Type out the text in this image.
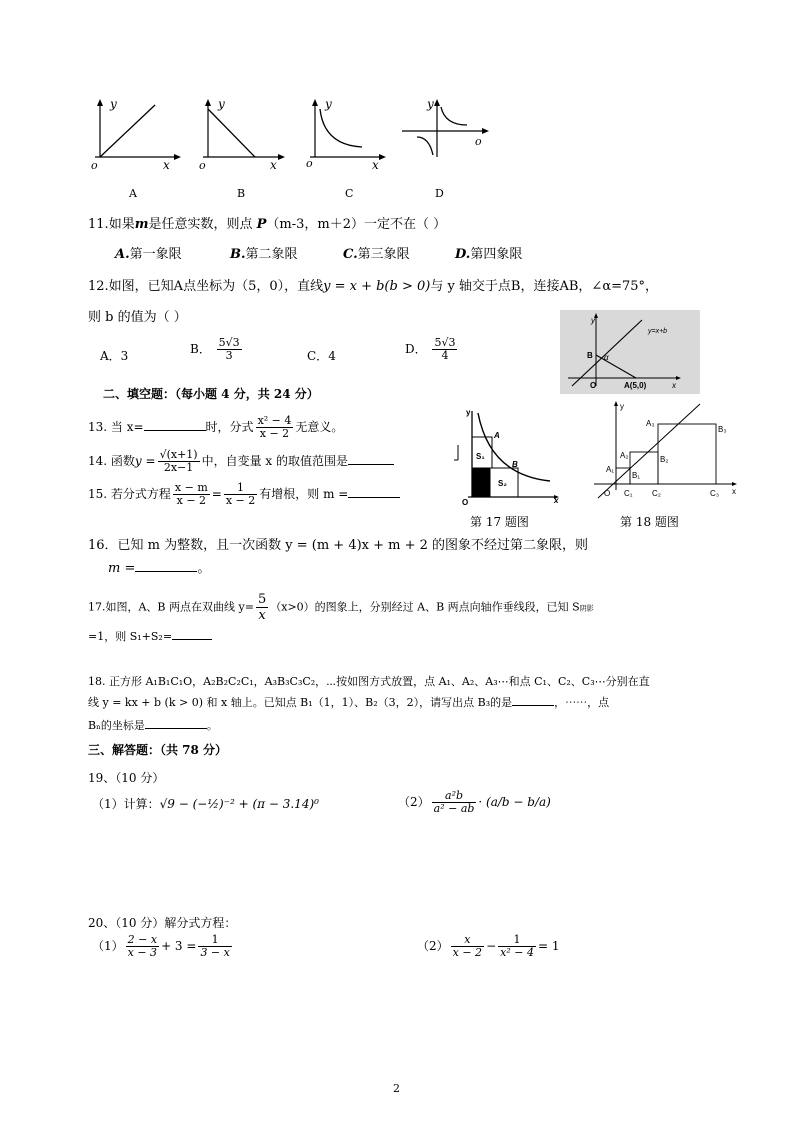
y
o	x
A
y
o	x
B
y
o	x
C
y
o
D
11.如果m是任意实数，则点 P（m-3，m＋2）一定不在（ ）
A.第一象限	B.第二象限	C.第三象限	D.第四象限
12.如图，已知A点坐标为（5，0），直线y = x + b(b > 0)与 y 轴交于点B，连接AB，∠α=75°，
则 b 的值为（ ）
A．3	B． $\frac{5√3}{3}$	C．4	D． $\frac{5√3}{4}$
y
y=x+b
B α
O	A(5,0)	x
二、填空题：（每小题 4 分，共 24 分）
13. 当 x=	时，分式 $\frac{\text{x² − 4}}{x - 2}$ 无意义。
14. 函数$y = \frac{√(x+1)}{2x-1}$ 中，自变量 x 的取值范围是
15. 若分式方程 $\frac{x - m}{x - 2} = \frac{1}{x - 2}$ 有增根，则 m =
y
A
B
S₁
S₂
O	x
第 17 题图
y
A₁
A₂
A₃
B₁
B₂
B₃
O C₁ C₂	C₃ x
第 18 题图
16．已知 m 为整数，且一次函数 y = (m + 4)x + m + 2 的图象不经过第二象限，则
m =	。
17.如图，A、B 两点在双曲线 $y= \frac{5}{x} (x>0)$的图象上，分别经过 A、B 两点向轴作垂线段，已知 S阴影
=1，则 S₁+S₂=
18. 正方形 A₁B₁C₁O，A₂B₂C₂C₁，A₃B₃C₃C₂，⋯按如图方式放置，点 A₁、A₂、A₃⋯和点 C₁、C₂、C₃⋯分别在直
线 y = kx + b (k > 0) 和 x 轴上。已知点 B₁（1，1）、B₂（3，2），请写出点 B₃的是	，⋯⋯，点
Bₙ的坐标是	。
三、解答题：（共 78 分）
19、（10 分）
（1）计算：√9 − (−½)⁻² + (π − 3.14)⁰	$(2) \frac{\text{a²b}}{\text{a² − ab}} \cdot (a/b - b/a)$
20、（10 分）解分式方程：
$(1) \frac{2 - x}{x - 3} + 3 = \frac{1}{3 - x}$	$(2) \frac{x}{x - 2} - \frac{1}{\text{x² − 4}} = 1$
2
